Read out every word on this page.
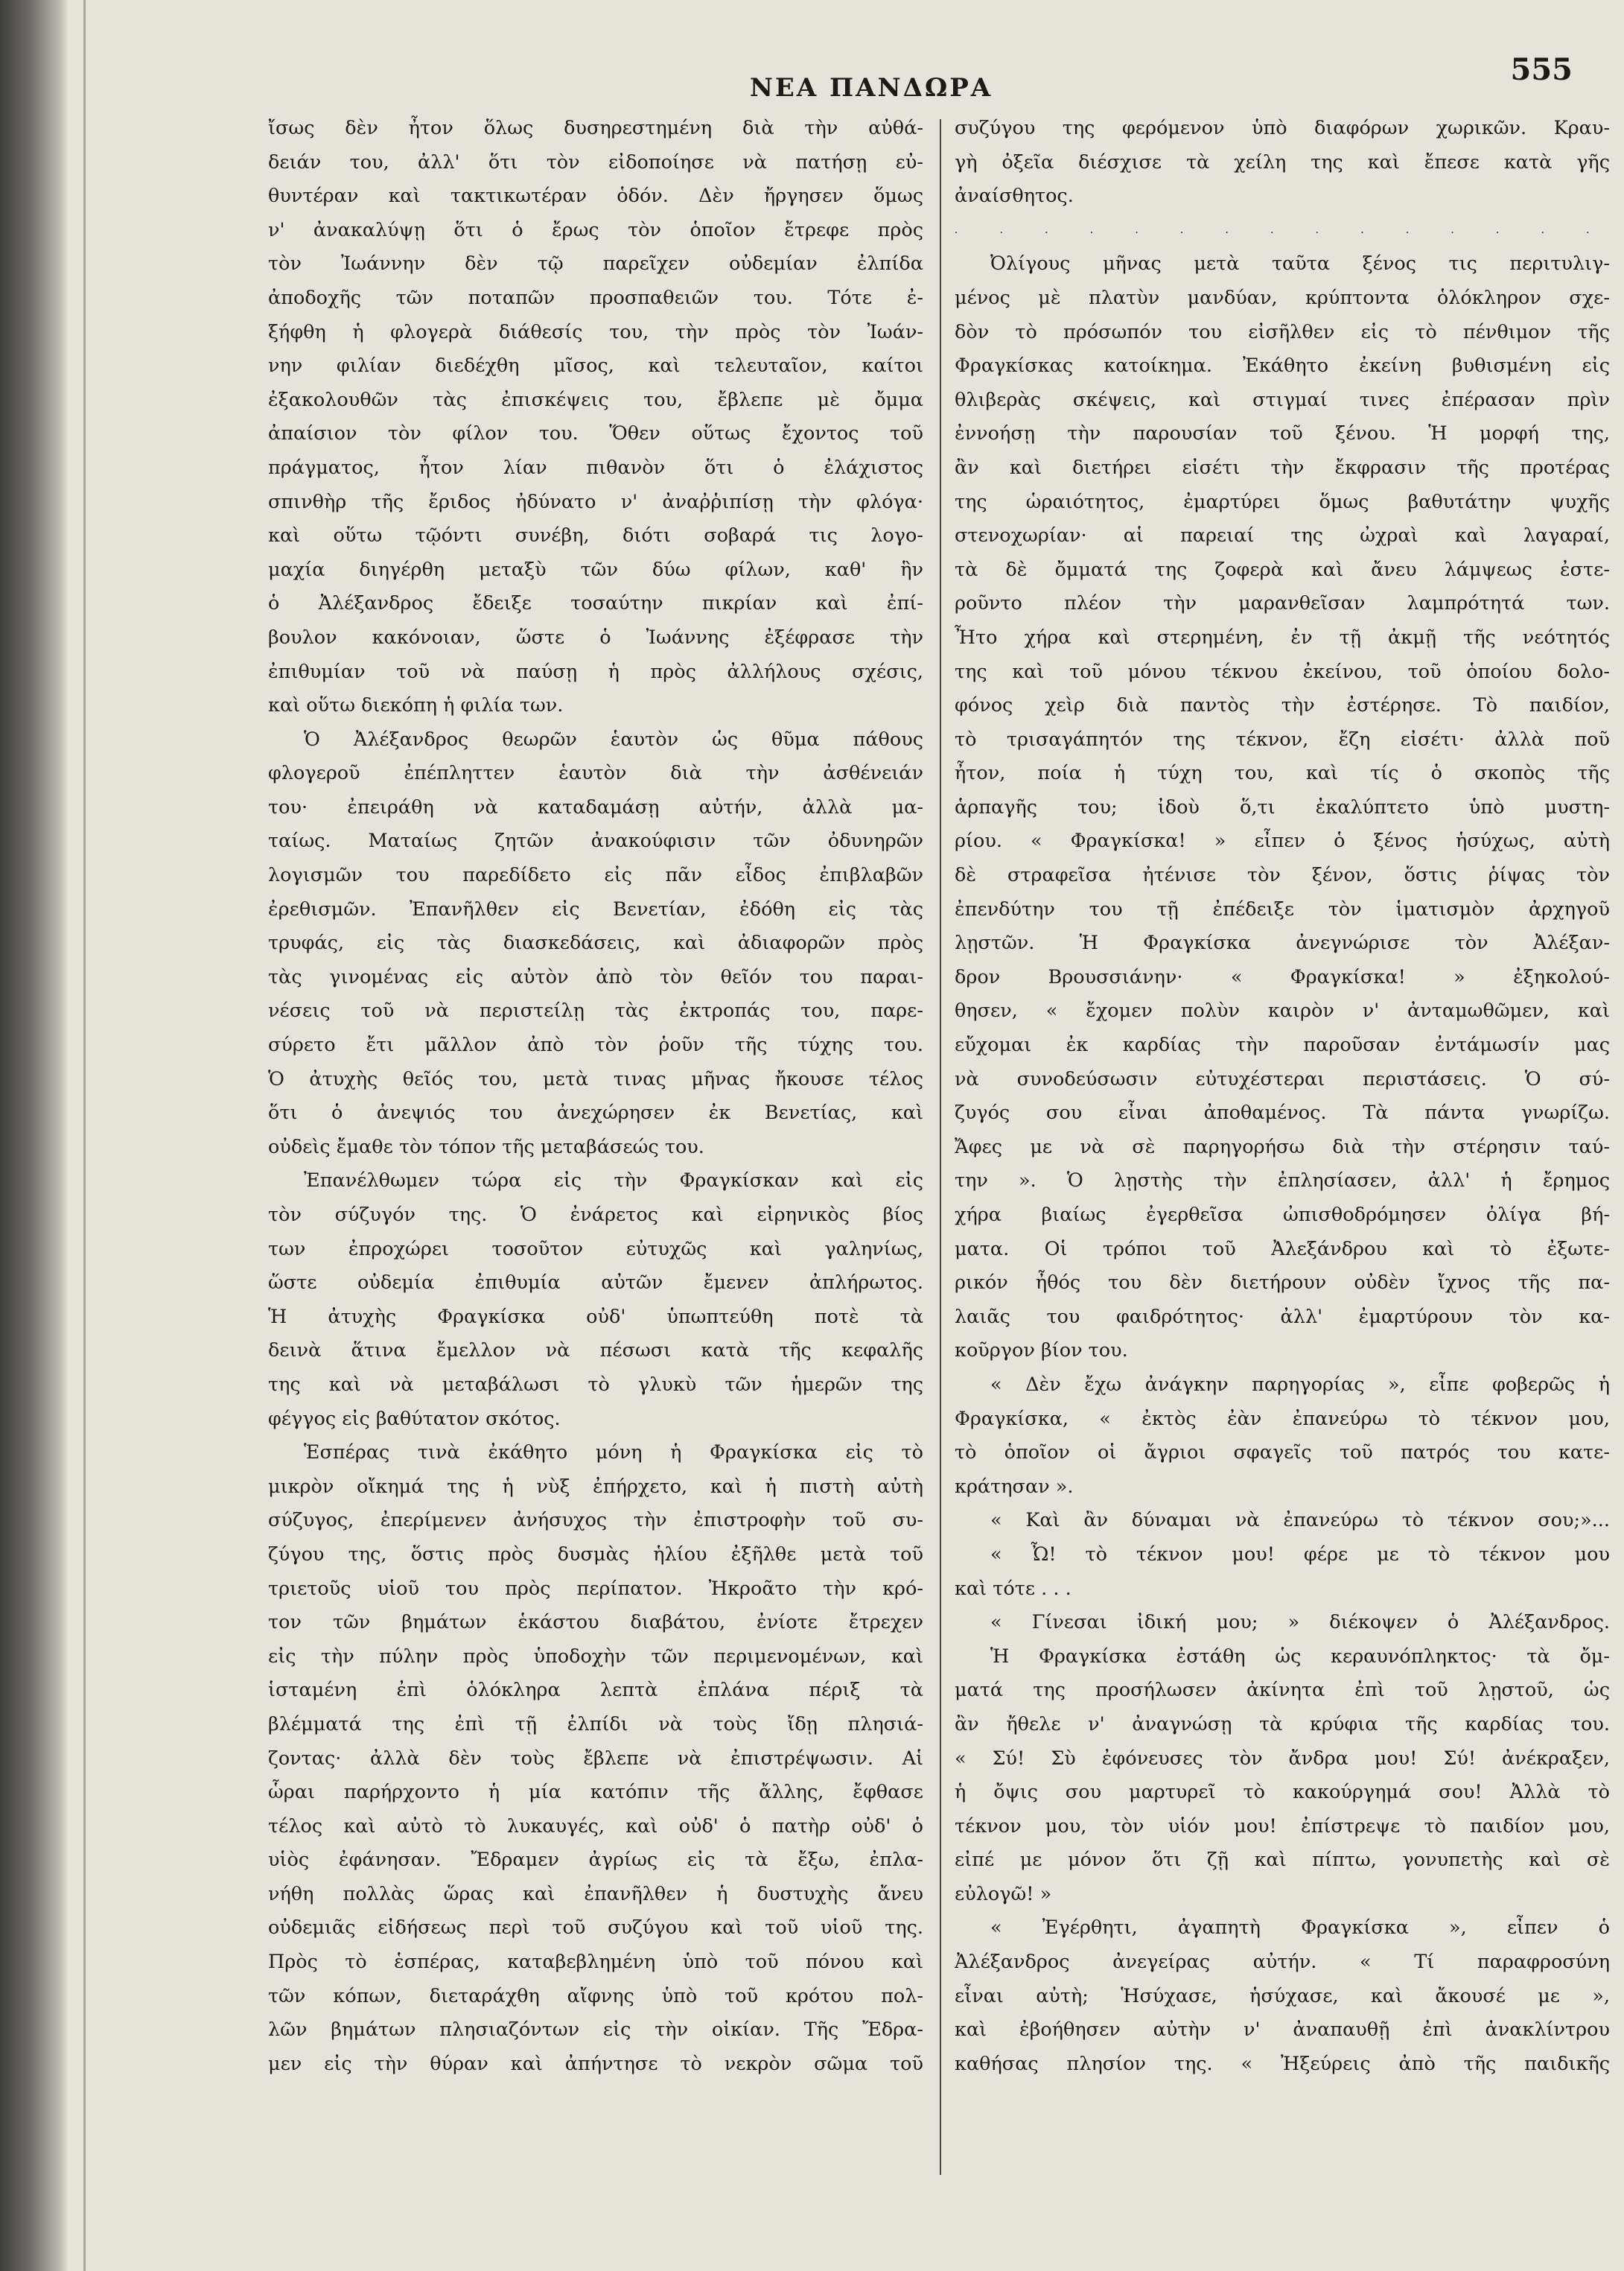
ΝΕΑ ΠΑΝΔΩΡΑ
555
ἴσως δὲν ἦτον ὅλως δυσηρεστημένη διὰ τὴν αὐθά-
δειάν του, ἀλλ' ὅτι τὸν εἰδοποίησε νὰ πατήσῃ εὐ-
θυντέραν καὶ τακτικωτέραν ὁδόν. Δὲν ἤργησεν ὅμως
ν' ἀνακαλύψῃ ὅτι ὁ ἔρως τὸν ὁποῖον ἔτρεφε πρὸς
τὸν Ἰωάννην δὲν τῷ παρεῖχεν οὐδεμίαν ἐλπίδα
ἀποδοχῆς τῶν ποταπῶν προσπαθειῶν του. Τότε ἐ-
ξήφθη ἡ φλογερὰ διάθεσίς του, τὴν πρὸς τὸν Ἰωάν-
νην φιλίαν διεδέχθη μῖσος, καὶ τελευταῖον, καίτοι
ἐξακολουθῶν τὰς ἐπισκέψεις του, ἔβλεπε μὲ ὄμμα
ἀπαίσιον τὸν φίλον του. Ὅθεν οὕτως ἔχοντος τοῦ
πράγματος, ἦτον λίαν πιθανὸν ὅτι ὁ ἐλάχιστος
σπινθὴρ τῆς ἔριδος ἠδύνατο ν' ἀναῤῥιπίσῃ τὴν φλόγα·
καὶ οὕτω τῷόντι συνέβη, διότι σοβαρά τις λογο-
μαχία διηγέρθη μεταξὺ τῶν δύω φίλων, καθ' ἣν
ὁ Ἀλέξανδρος ἔδειξε τοσαύτην πικρίαν καὶ ἐπί-
βουλον κακόνοιαν, ὥστε ὁ Ἰωάννης ἐξέφρασε τὴν
ἐπιθυμίαν τοῦ νὰ παύσῃ ἡ πρὸς ἀλλήλους σχέσις,
καὶ οὕτω διεκόπη ἡ φιλία των.
Ὁ Ἀλέξανδρος θεωρῶν ἑαυτὸν ὡς θῦμα πάθους
φλογεροῦ ἐπέπληττεν ἑαυτὸν διὰ τὴν ἀσθένειάν
του· ἐπειράθη νὰ καταδαμάσῃ αὐτήν, ἀλλὰ μα-
ταίως. Ματαίως ζητῶν ἀνακούφισιν τῶν ὀδυνηρῶν
λογισμῶν του παρεδίδετο εἰς πᾶν εἶδος ἐπιβλαβῶν
ἐρεθισμῶν. Ἐπανῆλθεν εἰς Βενετίαν, ἐδόθη εἰς τὰς
τρυφάς, εἰς τὰς διασκεδάσεις, καὶ ἀδιαφορῶν πρὸς
τὰς γινομένας εἰς αὐτὸν ἀπὸ τὸν θεῖόν του παραι-
νέσεις τοῦ νὰ περιστείλῃ τὰς ἐκτροπάς του, παρε-
σύρετο ἔτι μᾶλλον ἀπὸ τὸν ῥοῦν τῆς τύχης του.
Ὁ ἀτυχὴς θεῖός του, μετὰ τινας μῆνας ἤκουσε τέλος
ὅτι ὁ ἀνεψιός του ἀνεχώρησεν ἐκ Βενετίας, καὶ
οὐδεὶς ἔμαθε τὸν τόπον τῆς μεταβάσεώς του.
Ἐπανέλθωμεν τώρα εἰς τὴν Φραγκίσκαν καὶ εἰς
τὸν σύζυγόν της. Ὁ ἐνάρετος καὶ εἰρηνικὸς βίος
των ἐπροχώρει τοσοῦτον εὐτυχῶς καὶ γαληνίως,
ὥστε οὐδεμία ἐπιθυμία αὐτῶν ἔμενεν ἀπλήρωτος.
Ἡ ἀτυχὴς Φραγκίσκα οὐδ' ὑπωπτεύθη ποτὲ τὰ
δεινὰ ἅτινα ἔμελλον νὰ πέσωσι κατὰ τῆς κεφαλῆς
της καὶ νὰ μεταβάλωσι τὸ γλυκὺ τῶν ἡμερῶν της
φέγγος εἰς βαθύτατον σκότος.
Ἑσπέρας τινὰ ἐκάθητο μόνη ἡ Φραγκίσκα εἰς τὸ
μικρὸν οἴκημά της ἡ νὺξ ἐπήρχετο, καὶ ἡ πιστὴ αὐτὴ
σύζυγος, ἐπερίμενεν ἀνήσυχος τὴν ἐπιστροφὴν τοῦ συ-
ζύγου της, ὅστις πρὸς δυσμὰς ἡλίου ἐξῆλθε μετὰ τοῦ
τριετοῦς υἱοῦ του πρὸς περίπατον. Ἠκροᾶτο τὴν κρό-
τον τῶν βημάτων ἑκάστου διαβάτου, ἐνίοτε ἔτρεχεν
εἰς τὴν πύλην πρὸς ὑποδοχὴν τῶν περιμενομένων, καὶ
ἱσταμένη ἐπὶ ὁλόκληρα λεπτὰ ἐπλάνα πέριξ τὰ
βλέμματά της ἐπὶ τῇ ἐλπίδι νὰ τοὺς ἴδῃ πλησιά-
ζοντας· ἀλλὰ δὲν τοὺς ἔβλεπε νὰ ἐπιστρέψωσιν. Αἱ
ὧραι παρήρχοντο ἡ μία κατόπιν τῆς ἄλλης, ἔφθασε
τέλος καὶ αὐτὸ τὸ λυκαυγές, καὶ οὐδ' ὁ πατὴρ οὐδ' ὁ
υἱὸς ἐφάνησαν. Ἔδραμεν ἀγρίως εἰς τὰ ἔξω, ἐπλα-
νήθη πολλὰς ὥρας καὶ ἐπανῆλθεν ἡ δυστυχὴς ἄνευ
οὐδεμιᾶς εἰδήσεως περὶ τοῦ συζύγου καὶ τοῦ υἱοῦ της.
Πρὸς τὸ ἑσπέρας, καταβεβλημένη ὑπὸ τοῦ πόνου καὶ
τῶν κόπων, διεταράχθη αἴφνης ὑπὸ τοῦ κρότου πολ-
λῶν βημάτων πλησιαζόντων εἰς τὴν οἰκίαν. Τῆς Ἔδρα-
μεν εἰς τὴν θύραν καὶ ἀπήντησε τὸ νεκρὸν σῶμα τοῦ
συζύγου της φερόμενον ὑπὸ διαφόρων χωρικῶν. Κραυ-
γὴ ὀξεῖα διέσχισε τὰ χείλη της καὶ ἔπεσε κατὰ γῆς
ἀναίσθητος.
. . . . . . . . . . . . . . .
Ὀλίγους μῆνας μετὰ ταῦτα ξένος τις περιτυλιγ-
μένος μὲ πλατὺν μανδύαν, κρύπτοντα ὁλόκληρον σχε-
δὸν τὸ πρόσωπόν του εἰσῆλθεν εἰς τὸ πένθιμον τῆς
Φραγκίσκας κατοίκημα. Ἐκάθητο ἐκείνη βυθισμένη εἰς
θλιβερὰς σκέψεις, καὶ στιγμαί τινες ἐπέρασαν πρὶν
ἐννοήσῃ τὴν παρουσίαν τοῦ ξένου. Ἡ μορφή της,
ἂν καὶ διετήρει εἰσέτι τὴν ἔκφρασιν τῆς προτέρας
της ὡραιότητος, ἐμαρτύρει ὅμως βαθυτάτην ψυχῆς
στενοχωρίαν· αἱ παρειαί της ὠχραὶ καὶ λαγαραί,
τὰ δὲ ὄμματά της ζοφερὰ καὶ ἄνευ λάμψεως ἐστε-
ροῦντο πλέον τὴν μαρανθεῖσαν λαμπρότητά των.
Ἦτο χήρα καὶ στερημένη, ἐν τῇ ἀκμῇ τῆς νεότητός
της καὶ τοῦ μόνου τέκνου ἐκείνου, τοῦ ὁποίου δολο-
φόνος χεὶρ διὰ παντὸς τὴν ἐστέρησε. Τὸ παιδίον,
τὸ τρισαγάπητόν της τέκνον, ἔζη εἰσέτι· ἀλλὰ ποῦ
ἦτον, ποία ἡ τύχη του, καὶ τίς ὁ σκοπὸς τῆς
ἁρπαγῆς του; ἰδοὺ ὅ,τι ἐκαλύπτετο ὑπὸ μυστη-
ρίου. « Φραγκίσκα! » εἶπεν ὁ ξένος ἡσύχως, αὐτὴ
δὲ στραφεῖσα ἠτένισε τὸν ξένον, ὅστις ῥίψας τὸν
ἐπενδύτην του τῇ ἐπέδειξε τὸν ἱματισμὸν ἀρχηγοῦ
λῃστῶν. Ἡ Φραγκίσκα ἀνεγνώρισε τὸν Ἀλέξαν-
δρον Βρουσσιάνην· « Φραγκίσκα! » ἐξηκολού-
θησεν, « ἔχομεν πολὺν καιρὸν ν' ἀνταμωθῶμεν, καὶ
εὔχομαι ἐκ καρδίας τὴν παροῦσαν ἐντάμωσίν μας
νὰ συνοδεύσωσιν εὐτυχέστεραι περιστάσεις. Ὁ σύ-
ζυγός σου εἶναι ἀποθαμένος. Τὰ πάντα γνωρίζω.
Ἄφες με νὰ σὲ παρηγορήσω διὰ τὴν στέρησιν ταύ-
την ». Ὁ λῃστὴς τὴν ἐπλησίασεν, ἀλλ' ἡ ἔρημος
χήρα βιαίως ἐγερθεῖσα ὠπισθοδρόμησεν ὀλίγα βή-
ματα. Οἱ τρόποι τοῦ Ἀλεξάνδρου καὶ τὸ ἐξωτε-
ρικόν ἦθός του δὲν διετήρουν οὐδὲν ἴχνος τῆς πα-
λαιᾶς του φαιδρότητος· ἀλλ' ἐμαρτύρουν τὸν κα-
κοῦργον βίον του.
« Δὲν ἔχω ἀνάγκην παρηγορίας », εἶπε φοβερῶς ἡ
Φραγκίσκα, « ἐκτὸς ἐὰν ἐπανεύρω τὸ τέκνον μου,
τὸ ὁποῖον οἱ ἄγριοι σφαγεῖς τοῦ πατρός του κατε-
κράτησαν ».
« Καὶ ἂν δύναμαι νὰ ἐπανεύρω τὸ τέκνον σου;»...
« Ὦ! τὸ τέκνον μου! φέρε με τὸ τέκνον μου
καὶ τότε . . .
« Γίνεσαι ἰδική μου; » διέκοψεν ὁ Ἀλέξανδρος.
Ἡ Φραγκίσκα ἐστάθη ὡς κεραυνόπληκτος· τὰ ὄμ-
ματά της προσήλωσεν ἀκίνητα ἐπὶ τοῦ λῃστοῦ, ὡς
ἂν ἤθελε ν' ἀναγνώσῃ τὰ κρύφια τῆς καρδίας του.
« Σύ! Σὺ ἐφόνευσες τὸν ἄνδρα μου! Σύ! ἀνέκραξεν,
ἡ ὄψις σου μαρτυρεῖ τὸ κακούργημά σου! Ἀλλὰ τὸ
τέκνον μου, τὸν υἱόν μου! ἐπίστρεψε τὸ παιδίον μου,
εἰπέ με μόνον ὅτι ζῇ καὶ πίπτω, γονυπετὴς καὶ σὲ
εὐλογῶ! »
« Ἐγέρθητι, ἀγαπητὴ Φραγκίσκα », εἶπεν ὁ
Ἀλέξανδρος ἀνεγείρας αὐτήν. « Τί παραφροσύνη
εἶναι αὐτὴ; Ἡσύχασε, ἡσύχασε, καὶ ἄκουσέ με »,
καὶ ἐβοήθησεν αὐτὴν ν' ἀναπαυθῇ ἐπὶ ἀνακλίντρου
καθήσας πλησίον της. « Ἠξεύρεις ἀπὸ τῆς παιδικῆς
